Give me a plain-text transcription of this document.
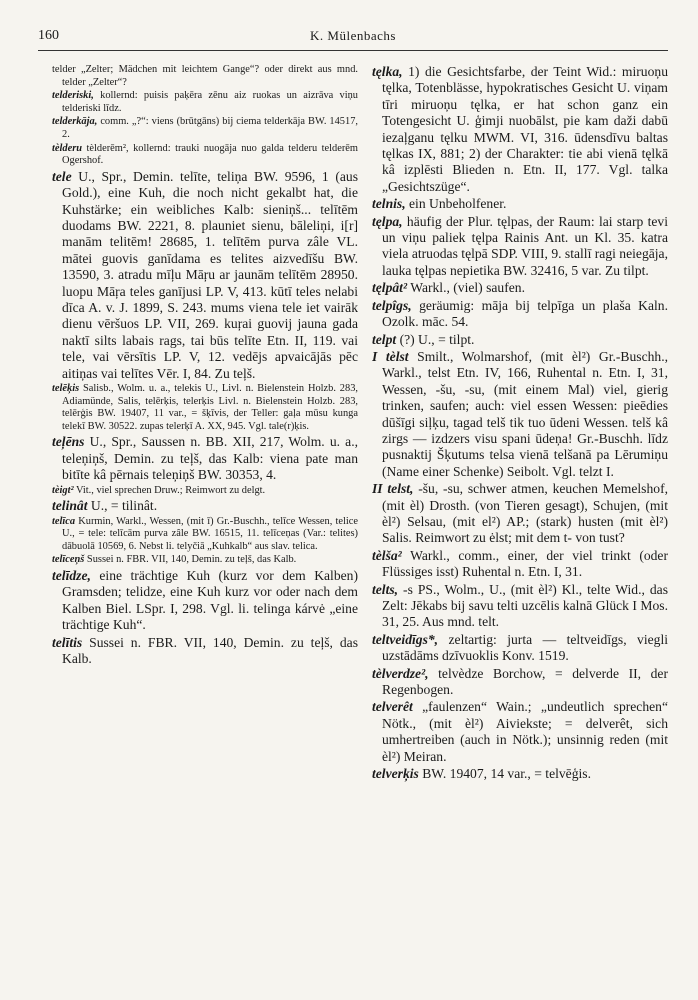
160	K. Mülenbachs

telder „Zelter; Mädchen mit leichtem Gange“? oder direkt aus mnd. telder „Zelter“?

telderiski, kollernd: puisis paķēra zēnu aiz ruokas un aizrāva viņu telderiski līdz.

telderkāja, comm. „?“: viens (brūtgāns) bij ciema telderkāja BW. 14517, 2.

tèlderu tèlderēm², kollernd: trauki nuogāja nuo galda telderu telderēm Ogershof.

tele U., Spr., Demin. telīte, teliņa BW. 9596, 1 (aus Gold.), eine Kuh, die noch nicht gekalbt hat, die Kuhstärke; ein weibliches Kalb: sieniņš... telītēm duodams BW. 2221, 8. plauniet sienu, bāleliņi, i[r] manām telitēm! 28685, 1. telītēm purva zâle VL. mātei guovis ganīdama es telites aizvedīšu BW. 13590, 3. atradu mīļu Māŗu ar jaunām telītēm 28950. luopu Māŗa teles ganījusi LP. V, 413. kūtī teles nelabi dīca A. v. J. 1899, S. 243. mums viena tele iet vairāk dienu vēršuos LP. VII, 269. kuŗai guovij jauna gada naktī silts labais rags, tai būs telīte Etn. II, 119. vai tele, vai vērsītis LP. V, 12. vedējs apvaicājās pēc aitiņas vai telītes Vēr. I, 84. Zu teļš.

telēķis Salisb., Wolm. u. a., telekis U., Livl. n. Bielenstein Holzb. 283, Adiamünde, Salis, telērķis, telerķis Livl. n. Bielenstein Holzb. 283, telērģis BW. 19407, 11 var., = šķīvis, der Teller: gaļa mūsu kunga telekī BW. 30522. zupas telerķī A. XX, 945. Vgl. tale(r)ķis.

teļēns U., Spr., Saussen n. BB. XII, 217, Wolm. u. a., teleņiņš, Demin. zu teļš, das Kalb: viena pate man bitīte kâ pērnais teleņiņš BW. 30353, 4.

tèigt² Vit., viel sprechen Druw.; Reimwort zu delgt.

telinât U., = tilinât.

telīca Kurmin, Warkl., Wessen, (mit ī) Gr.-Buschh., telīce Wessen, telice U., = tele: telīcām purva zâle BW. 16515, 11. telīceņas (Var.: telites) dābuolā 10569, 6. Nebst li. telyčiā „Kuhkalb“ aus slav. telica.

telīceņš Sussei n. FBR. VII, 140, Demin. zu teļš, das Kalb.

telīdze, eine trächtige Kuh (kurz vor dem Kalben) Gramsden; telidze, eine Kuh kurz vor oder nach dem Kalben Biel. LSpr. I, 298. Vgl. li. telinga kárvė „eine trächtige Kuh“.

telītis Sussei n. FBR. VII, 140, Demin. zu teļš, das Kalb.

tęlka, 1) die Gesichtsfarbe, der Teint Wid.: miruoņu tęlka, Totenblässe, hypokratisches Gesicht U. viņam tīri miruoņu tęlka, er hat schon ganz ein Totengesicht U. ģimji nuobālst, pie kam daži dabū iezaļganu tęlku MWM. VI, 316. ūdensdīvu baltas tęlkas IX, 881; 2) der Charakter: tie abi vienā tęlkā kâ izplēsti Blieden n. Etn. II, 177. Vgl. talka „Gesichtszüge“.

telnis, ein Unbeholfener.

tęlpa, häufig der Plur. tęlpas, der Raum: lai starp tevi un viņu paliek tęlpa Rainis Ant. un Kl. 35. katra viela atruodas tęlpā SDP. VIII, 9. stallī ragi neiegāja, lauka tęlpas nepietika BW. 32416, 5 var. Zu tilpt.

tęlpât² Warkl., (viel) saufen.

telpîgs, geräumig: māja bij telpīga un plaša Kaln. Ozolk. māc. 54.

telpt (?) U., = tilpt.

I tèlst Smilt., Wolmarshof, (mit èl²) Gr.-Buschh., Warkl., telst Etn. IV, 166, Ruhental n. Etn. I, 31, Wessen, -šu, -su, (mit einem Mal) viel, gierig trinken, saufen; auch: viel essen Wessen: pieēdies dūšīgi siļķu, tagad telš tik tuo ūdeni Wessen. telš kâ zirgs — izdzers visu spani ūdeņa! Gr.-Buschh. līdz pusnaktij Šķutums telsa vienā telšanā pa Lērumiņu (Name einer Schenke) Seibolt. Vgl. telzt I.

II telst, -šu, -su, schwer atmen, keuchen Memelshof, (mit èl) Drosth. (von Tieren gesagt), Schujen, (mit èl²) Selsau, (mit el²) AP.; (stark) husten (mit èl²) Salis. Reimwort zu ėlst; mit dem t- von tust?

tèlša² Warkl., comm., einer, der viel trinkt (oder Flüssiges isst) Ruhental n. Etn. I, 31.

telts, -s PS., Wolm., U., (mit èl²) Kl., telte Wid., das Zelt: Jēkabs bij savu telti uzcēlis kalnā Glück I Mos. 31, 25. Aus mnd. telt.

teltveidīgs*, zeltartig: jurta — teltveidīgs, viegli uzstādāms dzīvuoklis Konv. 1519.

tèlverdze², telvèdze Borchow, = delverde II, der Regenbogen.

telverêt „faulenzen“ Wain.; „undeutlich sprechen“ Nötk., (mit èl²) Aiviekste; = delverêt, sich umhertreiben (auch in Nötk.); unsinnig reden (mit èl²) Meiran.

telverķis BW. 19407, 14 var., = telvēģis.
